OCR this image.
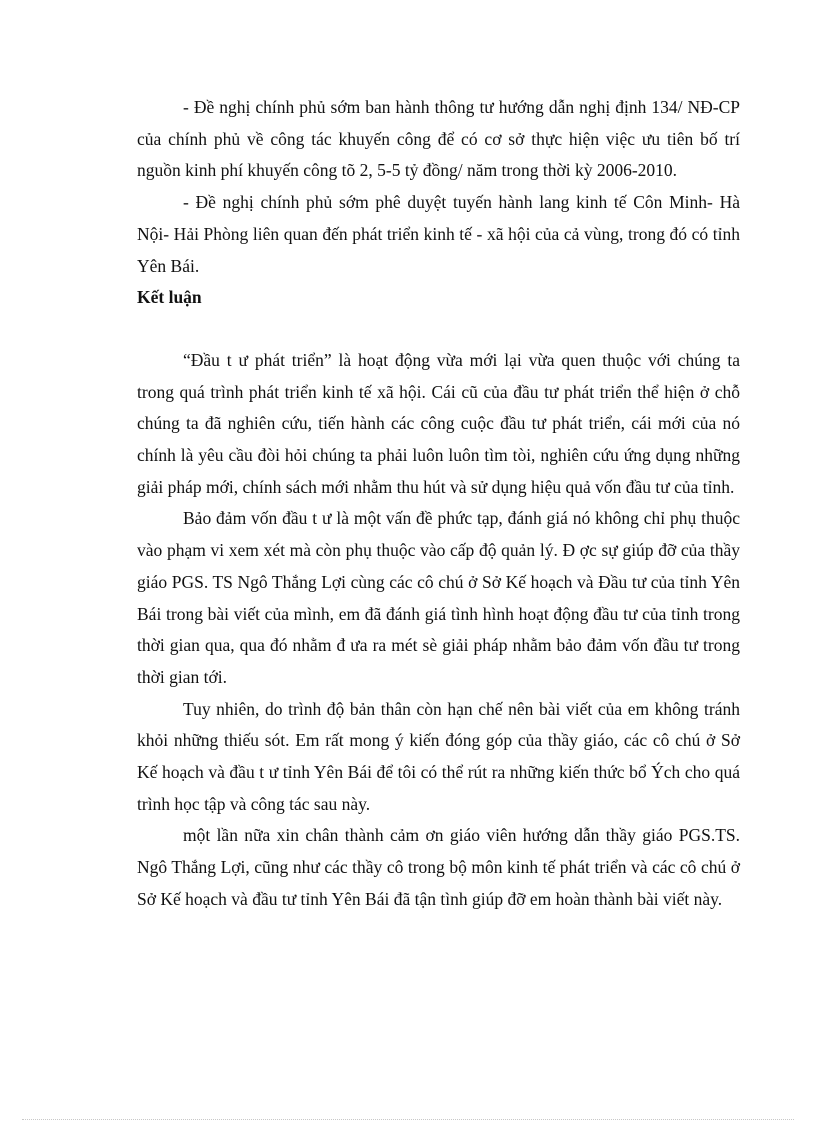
- Đề nghị chính phủ sớm ban hành thông tư hướng dẫn nghị định 134/ NĐ-CP của chính phủ về công tác khuyến công để có cơ sở thực hiện việc ưu tiên bố trí nguồn kinh phí khuyến công tõ 2, 5-5 tỷ đồng/ năm trong thời kỳ 2006-2010.

- Đề nghị chính phủ sớm phê duyệt tuyến hành lang kinh tế Côn Minh- Hà Nội- Hải Phòng liên quan đến phát triển kinh tế - xã hội của cả vùng, trong đó có tỉnh Yên Bái.

Kết luận

“Đầu t ư phát triển” là hoạt động vừa mới lại vừa quen thuộc với chúng ta trong quá trình phát triển kinh tế xã hội. Cái cũ của đầu tư phát triển thể hiện ở chỗ chúng ta đã nghiên cứu, tiến hành các công cuộc đầu tư phát triển, cái mới của nó chính là yêu cầu đòi hỏi chúng ta phải luôn luôn tìm tòi, nghiên cứu ứng dụng những giải pháp mới, chính sách mới nhằm thu hút và sử dụng hiệu quả vốn đầu tư của tỉnh.

Bảo đảm vốn đầu t ư là một vấn đề phức tạp, đánh giá nó không chỉ phụ thuộc vào phạm vi xem xét mà còn phụ thuộc vào cấp độ quản lý. Đ ợc sự giúp đỡ của thầy giáo PGS. TS Ngô Thắng Lợi cùng các cô chú ở Sở Kế hoạch và Đầu tư của tỉnh Yên Bái trong bài viết của mình, em đã đánh giá tình hình hoạt động đầu tư của tỉnh trong thời gian qua, qua đó nhằm đ ưa ra mét sè giải pháp nhằm bảo đảm vốn đầu tư trong thời gian tới.

Tuy nhiên, do trình độ bản thân còn hạn chế nên bài viết của em không tránh khỏi những thiếu sót. Em rất mong ý kiến đóng góp của thầy giáo, các cô chú ở Sở Kế hoạch và đầu t ư tỉnh Yên Bái để tôi có thể rút ra những kiến thức bổ Ých cho quá trình học tập và công tác sau này.

một lần nữa xin chân thành cảm ơn giáo viên hướng dẫn thầy giáo PGS.TS. Ngô Thắng Lợi, cũng như các thầy cô trong bộ môn kinh tế phát triển và các cô chú ở Sở Kế hoạch và đầu tư tỉnh Yên Bái đã tận tình giúp đỡ em hoàn thành bài viết này.
